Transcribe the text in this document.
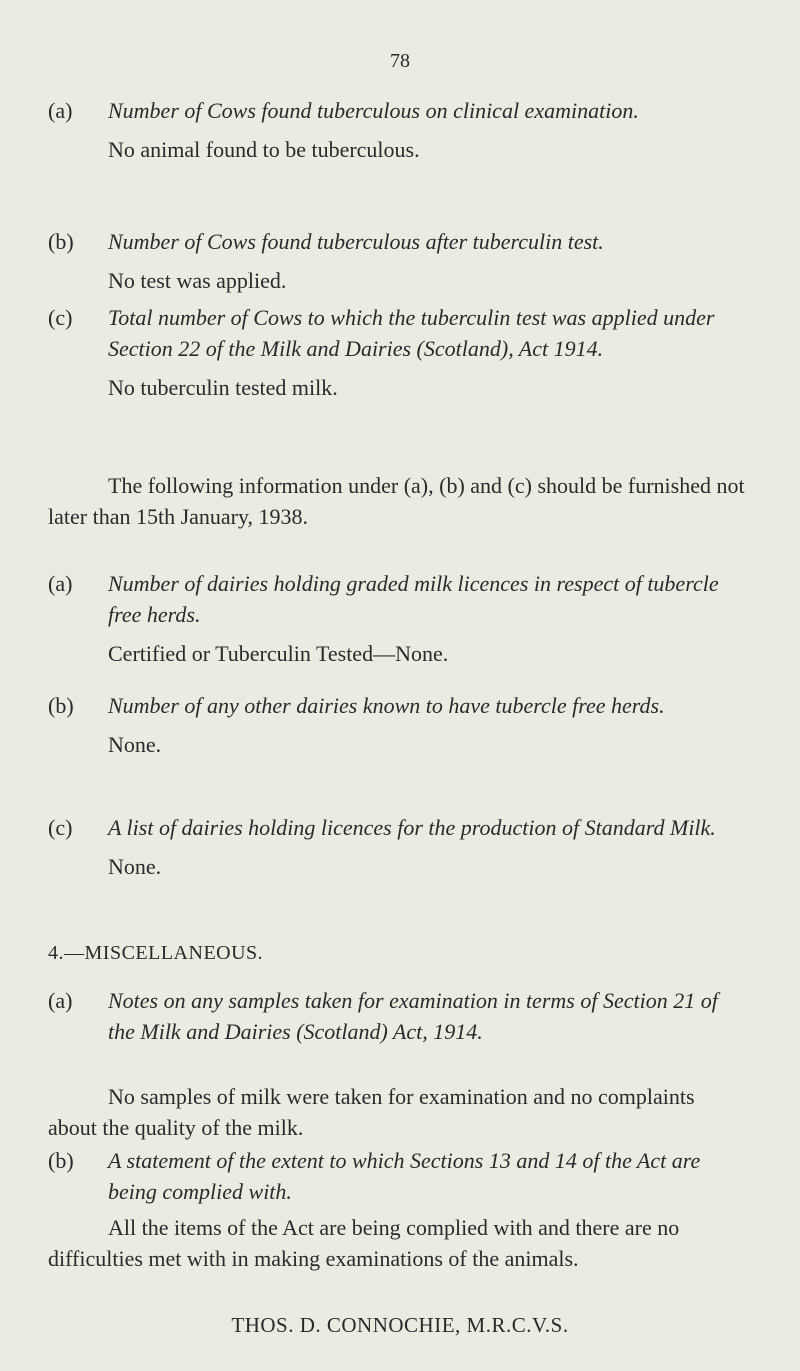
78
(a) Number of Cows found tuberculous on clinical examination.
No animal found to be tuberculous.
(b) Number of Cows found tuberculous after tuberculin test.
No test was applied.
(c) Total number of Cows to which the tuberculin test was applied under Section 22 of the Milk and Dairies (Scotland), Act 1914.
No tuberculin tested milk.
The following information under (a), (b) and (c) should be furnished not later than 15th January, 1938.
(a) Number of dairies holding graded milk licences in respect of tubercle free herds.
Certified or Tuberculin Tested—None.
(b) Number of any other dairies known to have tubercle free herds.
None.
(c) A list of dairies holding licences for the production of Standard Milk.
None.
4.—MISCELLANEOUS.
(a) Notes on any samples taken for examination in terms of Section 21 of the Milk and Dairies (Scotland) Act, 1914.
No samples of milk were taken for examination and no complaints about the quality of the milk.
(b) A statement of the extent to which Sections 13 and 14 of the Act are being complied with.
All the items of the Act are being complied with and there are no difficulties met with in making examinations of the animals.
THOS. D. CONNOCHIE, M.R.C.V.S.
